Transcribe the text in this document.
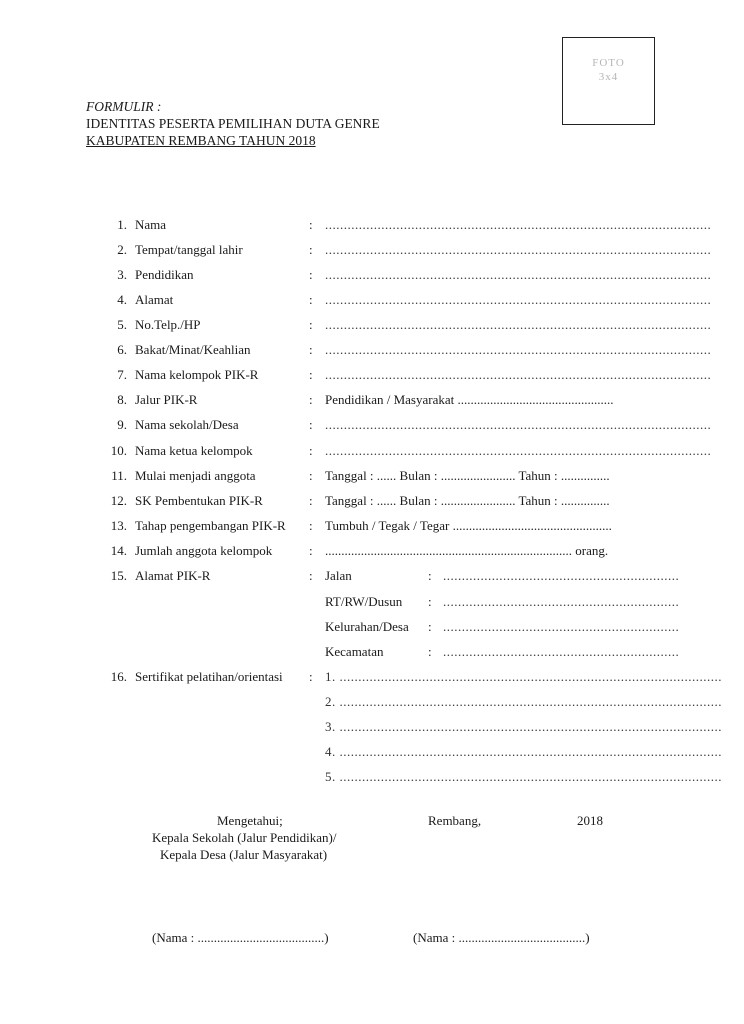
FOTO
3x4
FORMULIR :
IDENTITAS PESERTA PEMILIHAN DUTA GENRE
KABUPATEN REMBANG TAHUN 2018
1. Nama	: .......................................................................................................
2. Tempat/tanggal lahir	: .......................................................................................................
3. Pendidikan	: .......................................................................................................
4. Alamat	: .......................................................................................................
5. No.Telp./HP	: .......................................................................................................
6. Bakat/Minat/Keahlian	: .......................................................................................................
7. Nama kelompok PIK-R	: .......................................................................................................
8. Jalur PIK-R	: Pendidikan / Masyarakat ................................................
9. Nama sekolah/Desa	: .......................................................................................................
10. Nama ketua kelompok	: .......................................................................................................
11. Mulai menjadi anggota	: Tanggal : ...... Bulan : ....................... Tahun : ...............
12. SK Pembentukan PIK-R	: Tanggal : ...... Bulan : ....................... Tahun : ...............
13. Tahap pengembangan PIK-R : Tumbuh / Tegak / Tegar .................................................
14. Jumlah anggota kelompok	: ............................................................................ orang.
15. Alamat PIK-R	: Jalan	: ...............................................................
RT/RW/Dusun : ...............................................................
Kelurahan/Desa : ...............................................................
Kecamatan	: ...............................................................
16. Sertifikat pelatihan/orientasi : 1. ......................................................................................................
2. ......................................................................................................
3. ......................................................................................................
4. ......................................................................................................
5. ......................................................................................................
Mengetahui;
Kepala Sekolah (Jalur Pendidikan)/
Kepala Desa (Jalur Masyarakat)
Rembang,	2018
(Nama : .......................................)	(Nama : .......................................)
